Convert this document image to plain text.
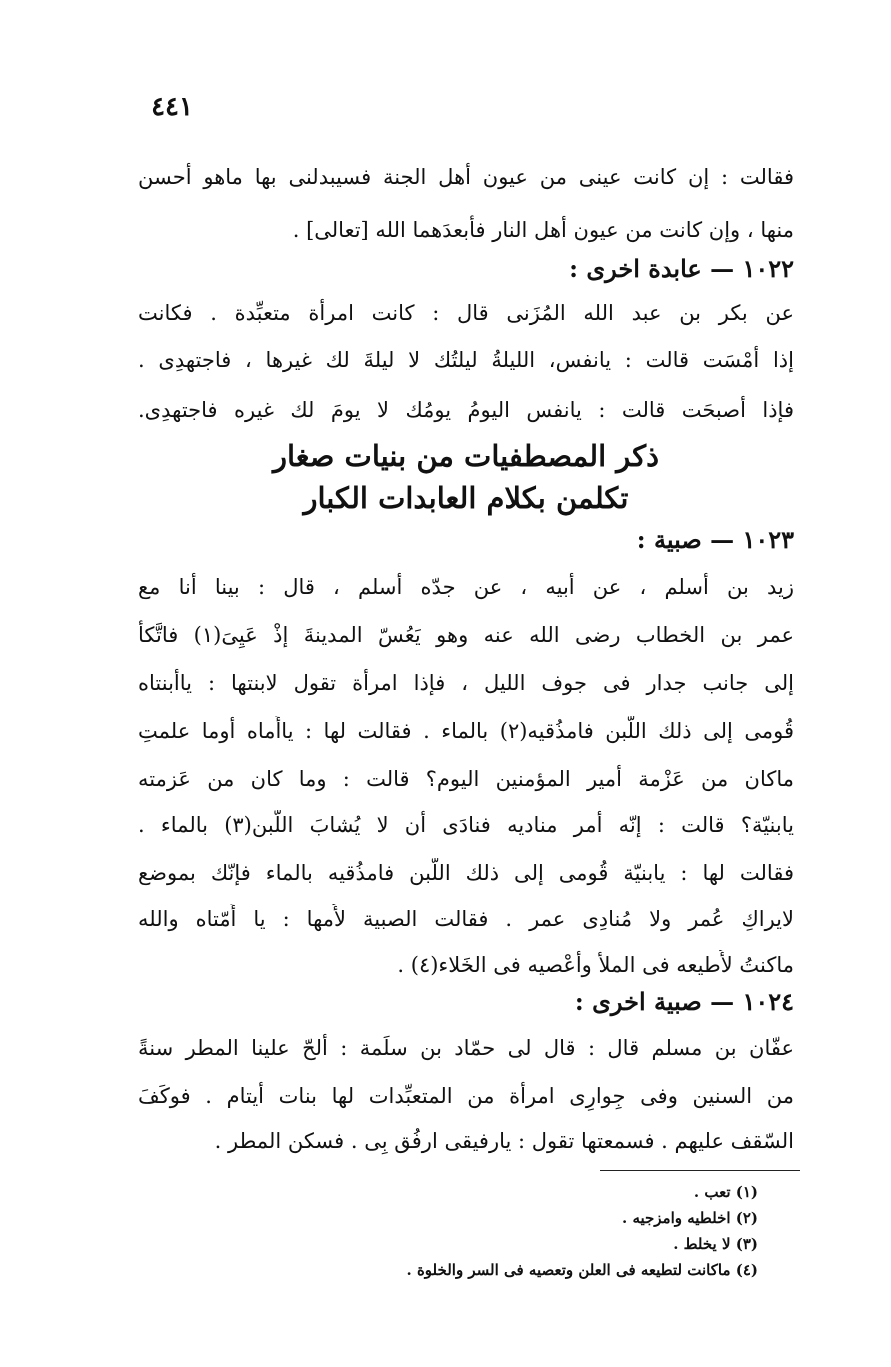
٤٤١
فقالت : إن كانت عينى من عيون أهل الجنة فسيبدلنى بها ماهو أحسن
منها ، وإن كانت من عيون أهل النار فأبعدَهما الله [تعالى] .
١٠٢٢ — عابدة اخرى :
عن بكر بن عبد الله المُزَنى قال : كانت امرأة متعبِّدة . فكانت
إذا أمْسَت قالت : يانفس، الليلةُ ليلتُك لا ليلةَ لك غيرها ، فاجتهدِى .
فإذا أصبحَت قالت : يانفس اليومُ يومُك لا يومَ لك غيره فاجتهدِى.
ذكر المصطفيات من بنيات صغار
تكلمن بكلام العابدات الكبار
١٠٢٣ — صبية :
زيد بن أسلم ، عن أبيه ، عن جدّه أسلم ، قال : بينا أنا مع
عمر بن الخطاب رضى الله عنه وهو يَعُسّ المدينةَ إذْ عَيِىَ(١) فاتَّكأ
إلى جانب جدار فى جوف الليل ، فإذا امرأة تقول لابنتها : ياأبنتاه
قُومى إلى ذلك اللّبن فامذُقيه(٢) بالماء . فقالت لها : ياأُماه أوما علمتِ
ماكان من عَزْمة أمير المؤمنين اليوم؟ قالت : وما كان من عَزمته
يابنيّة؟ قالت : إنّه أمر مناديه فنادَى أن لا يُشابَ اللَّبن(٣) بالماء .
فقالت لها : يابنيّة قُومى إلى ذلك اللّبن فامذُقيه بالماء فإنّك بموضع
لايراكِ عُمر ولا مُنادِى عمر . فقالت الصبية لأُمها : يا أُمّتاه والله
ماكنتُ لأُطيعه فى الملأ وأعْصيه فى الخَلاء(٤) .
١٠٢٤ — صبية اخرى :
عفّان بن مسلم قال : قال لى حمّاد بن سلَمة : ألحّ علينا المطر سنةً
من السنين وفى جِوارِى امرأة من المتعبِّدات لها بنات أيتام . فوكَفَ
السّقف عليهم . فسمعتها تقول : يارفيقى ارفُق بِى . فسكن المطر .
(١) تعب .
(٢) اخلطيه وامزجيه .
(٣) لا يخلط .
(٤) ماكانت لتطيعه فى العلن وتعصيه فى السر والخلوة .
